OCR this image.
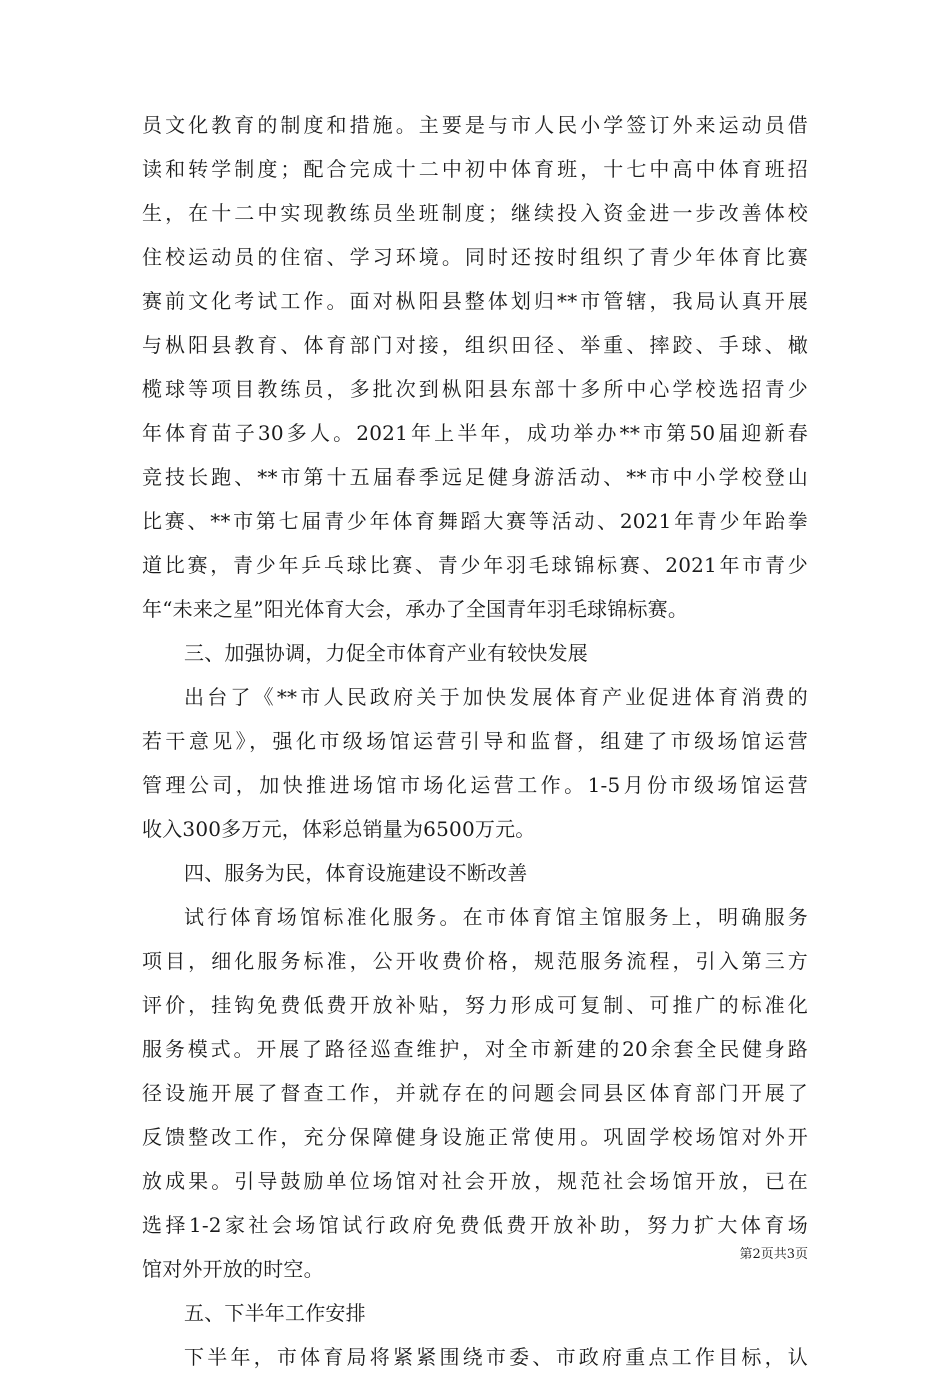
员文化教育的制度和措施。主要是与市人民小学签订外来运动员借
读和转学制度；配合完成十二中初中体育班，十七中高中体育班招
生，在十二中实现教练员坐班制度；继续投入资金进一步改善体校
住校运动员的住宿、学习环境。同时还按时组织了青少年体育比赛
赛前文化考试工作。面对枞阳县整体划归**市管辖，我局认真开展
与枞阳县教育、体育部门对接，组织田径、举重、摔跤、手球、橄
榄球等项目教练员，多批次到枞阳县东部十多所中心学校选招青少
年体育苗子30多人。2021年上半年，成功举办**市第50届迎新春
竞技长跑、**市第十五届春季远足健身游活动、**市中小学校登山
比赛、**市第七届青少年体育舞蹈大赛等活动、2021年青少年跆拳
道比赛，青少年乒乓球比赛、青少年羽毛球锦标赛、2021年市青少
年“未来之星”阳光体育大会，承办了全国青年羽毛球锦标赛。
三、加强协调，力促全市体育产业有较快发展
出台了《**市人民政府关于加快发展体育产业促进体育消费的
若干意见》，强化市级场馆运营引导和监督，组建了市级场馆运营
管理公司，加快推进场馆市场化运营工作。1-5月份市级场馆运营
收入300多万元，体彩总销量为6500万元。
四、服务为民，体育设施建设不断改善
试行体育场馆标准化服务。在市体育馆主馆服务上，明确服务
项目，细化服务标准，公开收费价格，规范服务流程，引入第三方
评价，挂钩免费低费开放补贴，努力形成可复制、可推广的标准化
服务模式。开展了路径巡查维护，对全市新建的20余套全民健身路
径设施开展了督查工作，并就存在的问题会同县区体育部门开展了
反馈整改工作，充分保障健身设施正常使用。巩固学校场馆对外开
放成果。引导鼓励单位场馆对社会开放，规范社会场馆开放，已在
选择1-2家社会场馆试行政府免费低费开放补助，努力扩大体育场
馆对外开放的时空。
五、下半年工作安排
下半年，市体育局将紧紧围绕市委、市政府重点工作目标，认
第2页共3页
